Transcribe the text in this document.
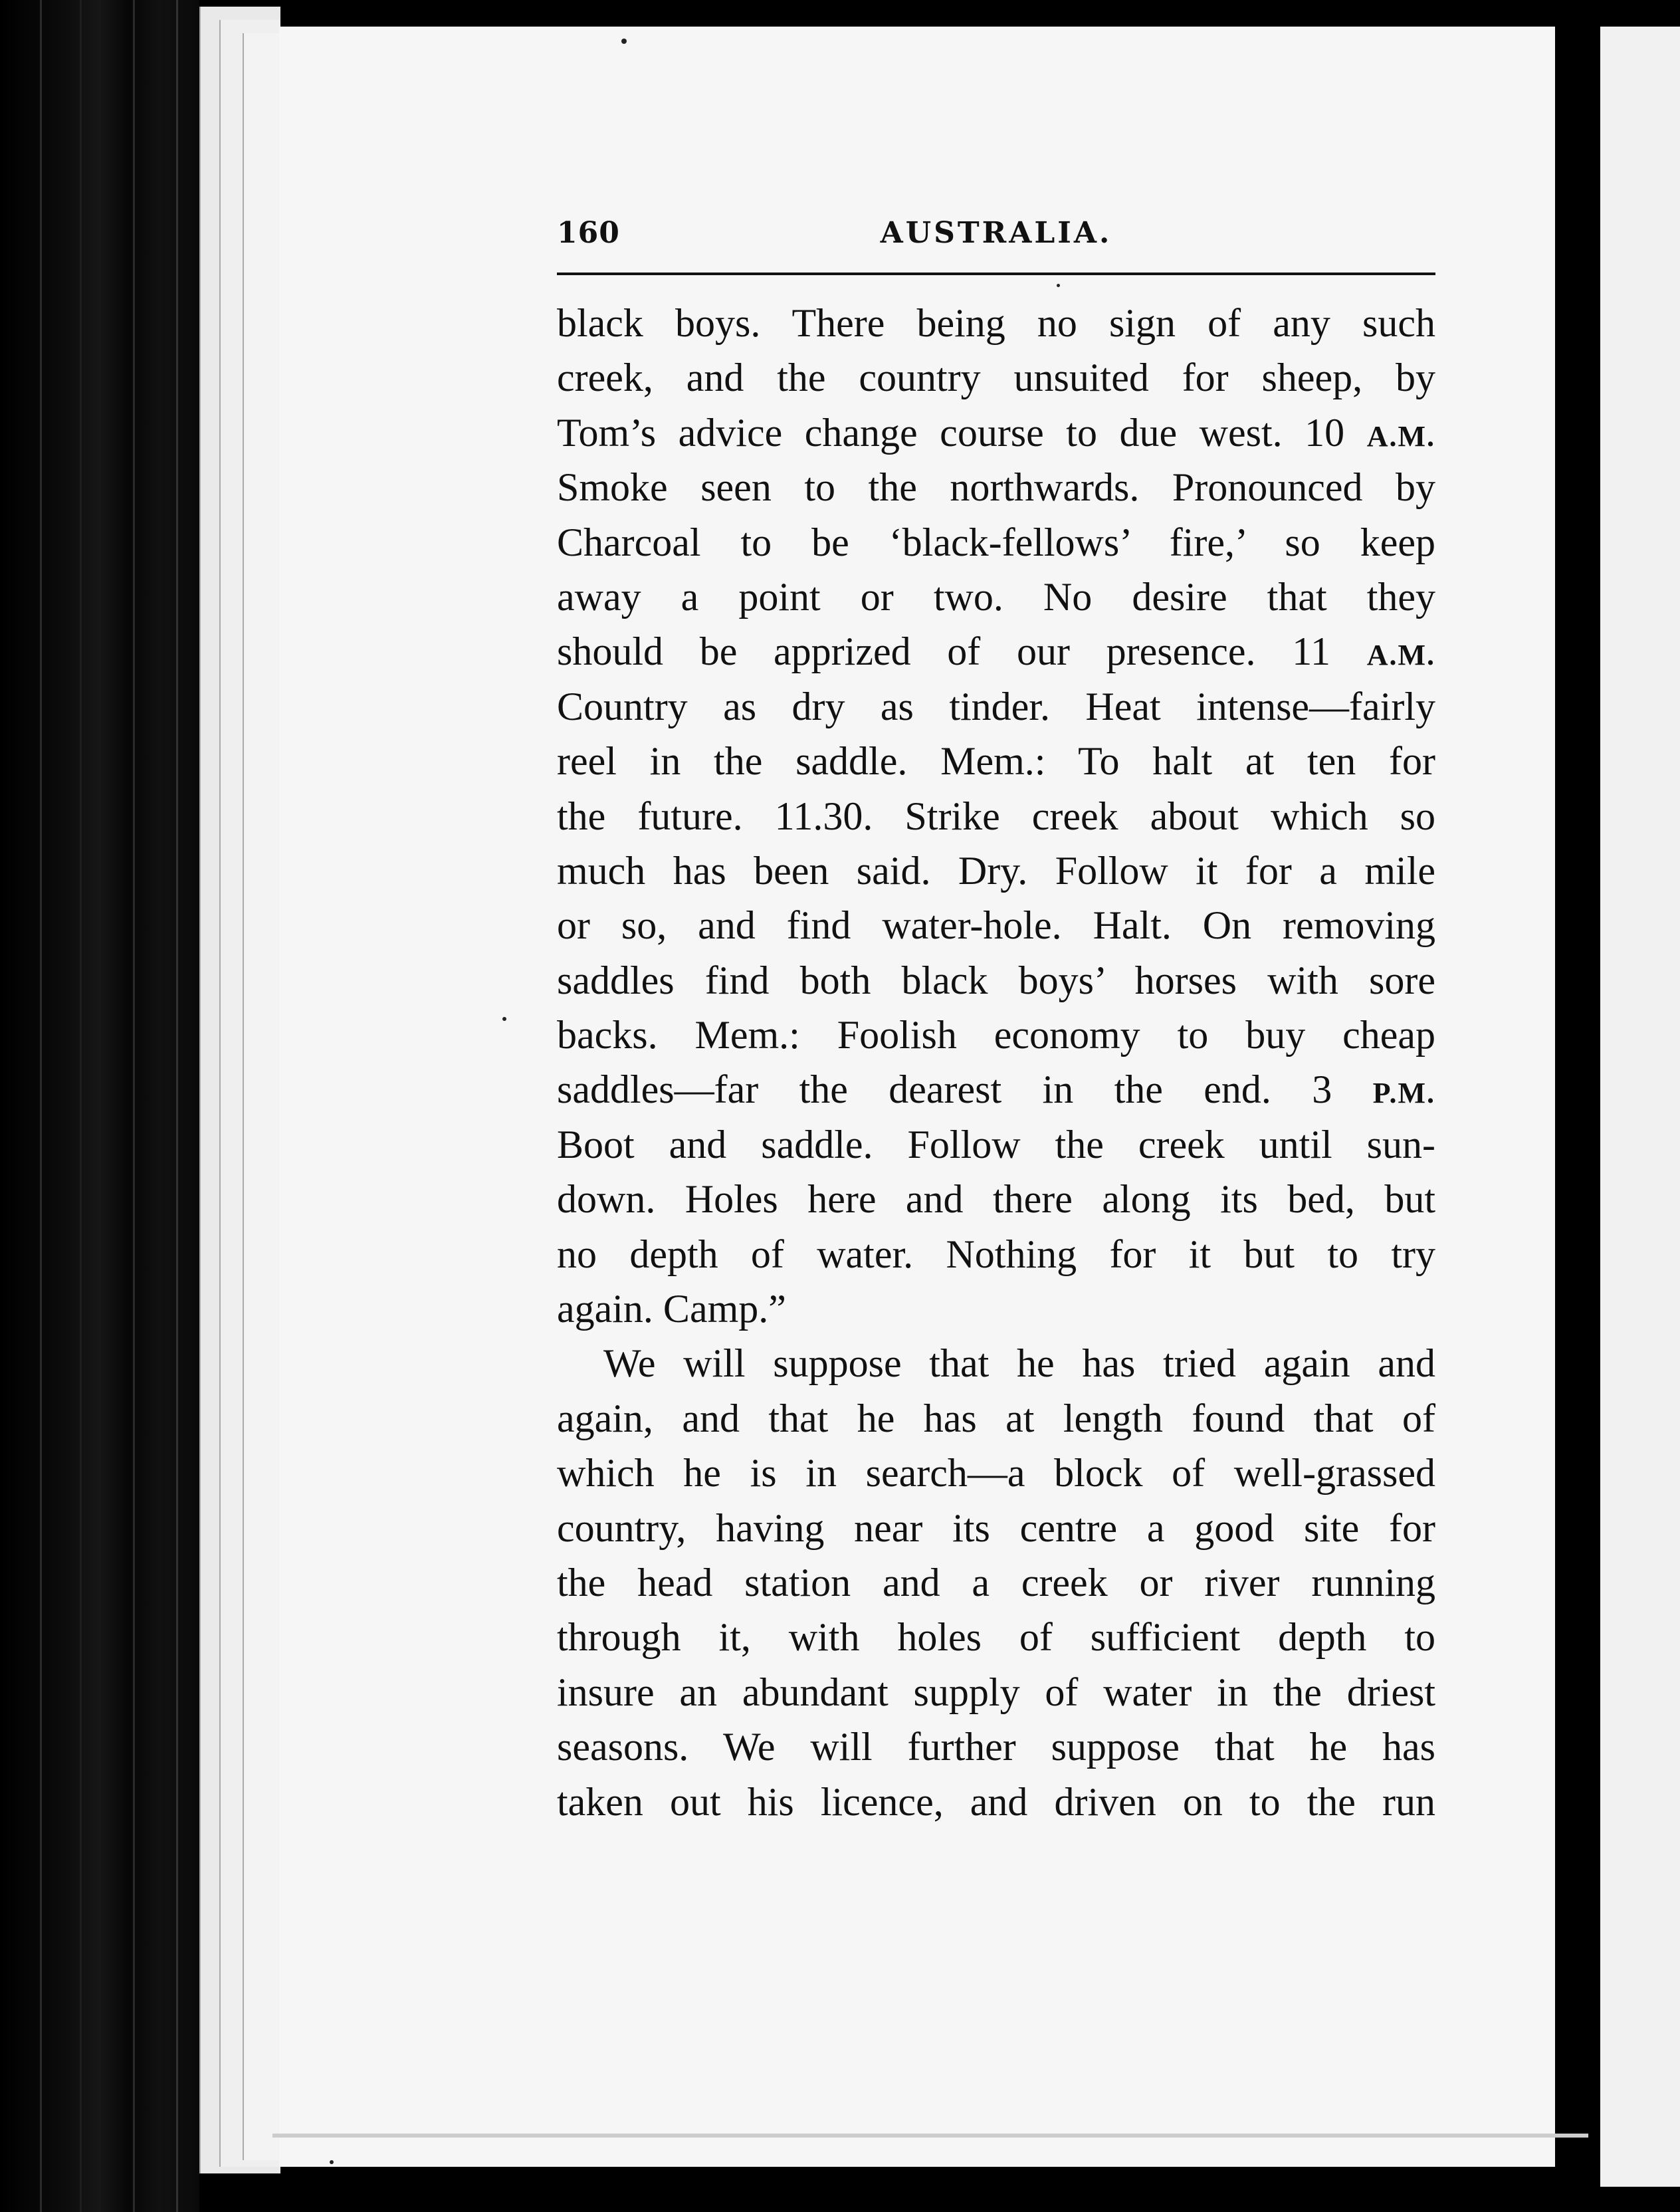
160	AUSTRALIA.
black boys. There being no sign of any such
creek, and the country unsuited for sheep, by
Tom’s advice change course to due west. 10 A.M.
Smoke seen to the northwards. Pronounced by
Charcoal to be ‘black-fellows’ fire,’ so keep
away a point or two. No desire that they
should be apprized of our presence. 11 A.M.
Country as dry as tinder. Heat intense—fairly
reel in the saddle. Mem.: To halt at ten for
the future. 11.30. Strike creek about which so
much has been said. Dry. Follow it for a mile
or so, and find water-hole. Halt. On removing
saddles find both black boys’ horses with sore
backs. Mem.: Foolish economy to buy cheap
saddles—far the dearest in the end. 3 P.M.
Boot and saddle. Follow the creek until sun-
down. Holes here and there along its bed, but
no depth of water. Nothing for it but to try
again. Camp.”
We will suppose that he has tried again and
again, and that he has at length found that of
which he is in search—a block of well-grassed
country, having near its centre a good site for
the head station and a creek or river running
through it, with holes of sufficient depth to
insure an abundant supply of water in the driest
seasons. We will further suppose that he has
taken out his licence, and driven on to the run
